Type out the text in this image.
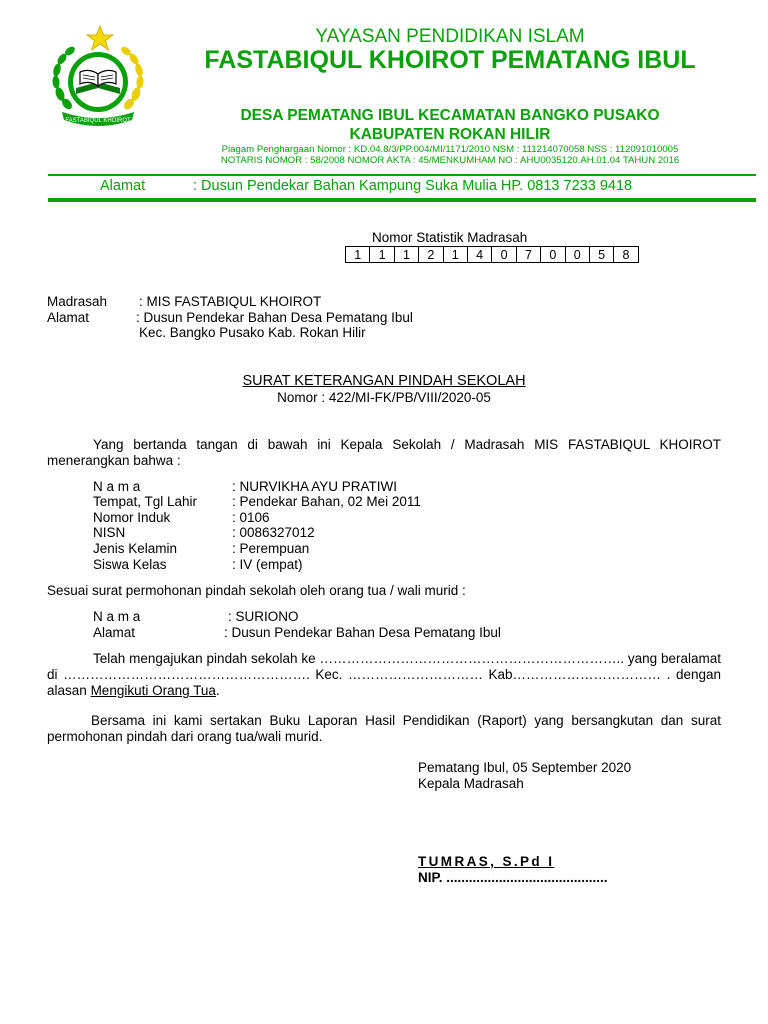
FASTABIQUL KHOIROT
YAYASAN PENDIDIKAN ISLAM
FASTABIQUL KHOIROT PEMATANG IBUL
DESA PEMATANG IBUL KECAMATAN BANGKO PUSAKO
KABUPATEN ROKAN HILIR
Piagam Penghargaan Nomor : KD.04.8/3/PP.004/MI/1171/2010 NSM : 111214070058 NSS : 112091010005
NOTARIS NOMOR : 58/2008 NOMOR AKTA : 45/MENKUMHAM NO : AHU0035120.AH.01.04 TAHUN 2016
Alamat	: Dusun Pendekar Bahan Kampung Suka Mulia HP. 0813 7233 9418
Nomor Statistik Madrasah
1	1	1	2	1	4	0	7	0	0	5	8
Madrasah : MIS FASTABIQUL KHOIROT
Alamat	: Dusun Pendekar Bahan Desa Pematang Ibul
Kec. Bangko Pusako Kab. Rokan Hilir
SURAT KETERANGAN PINDAH SEKOLAH
Nomor : 422/MI-FK/PB/VIII/2020-05
Yang bertanda tangan di bawah ini Kepala Sekolah / Madrasah MIS FASTABIQUL KHOIROT menerangkan bahwa :
N a m a	: NURVIKHA AYU PRATIWI
Tempat, Tgl Lahir	: Pendekar Bahan, 02 Mei 2011
Nomor Induk	: 0106
NISN	: 0086327012
Jenis Kelamin	: Perempuan
Siswa Kelas	: IV (empat)
Sesuai surat permohonan pindah sekolah oleh orang tua / wali murid :
N a m a	: SURIONO
Alamat	: Dusun Pendekar Bahan Desa Pematang Ibul
Telah mengajukan pindah sekolah ke ………………………………………………………….. yang beralamat di ………………………………………………. Kec. ………………………… Kab…………………………… . dengan alasan Mengikuti Orang Tua.
Bersama ini kami sertakan Buku Laporan Hasil Pendidikan (Raport) yang bersangkutan dan surat permohonan pindah dari orang tua/wali murid.
Pematang Ibul, 05 September 2020
Kepala Madrasah
TUMRAS, S.Pd I
NIP. ...........................................
